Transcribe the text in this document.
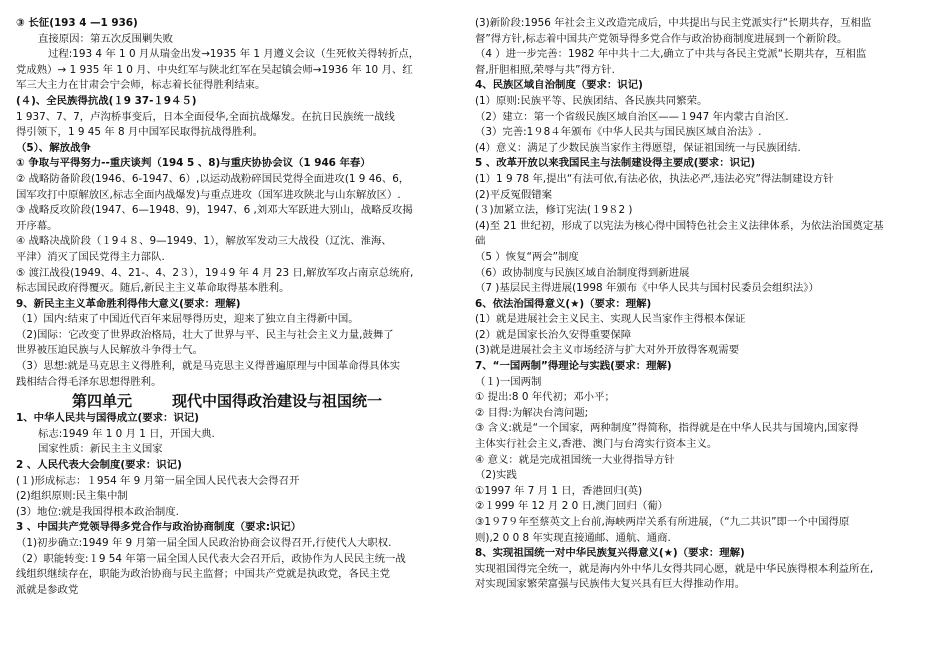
③ 长征(193 4 —1 936)
直接原因：第五次反围剿失败
过程:193 4 年 1 0 月从瑞金出发→1935 年 1 月遵义会议（生死攸关得转折点，
党成熟）→ 1 935 年 1 0 月、中央红军与陕北红军在吴起镇会师→1936 年 10 月、红
军三大主力在甘肃会宁会师，标志着长征得胜利结束。
(４)、全民族得抗战(１9 37-１9４５)
1 937、7、7，卢沟桥事变后，日本全面侵华,全面抗战爆发。在抗日民族统一战线
得引领下，1 9 45 年 8 月中国军民取得抗战得胜利。
（5）、解放战争
① 争取与平得努力--重庆谈判（194 5 、8)与重庆协协会议（1 946 年春）
② 战略防备阶段(1946、6-1947、6）,以运动战粉碎国民党得全面进攻(1 9 46、6，
国军攻打中原解放区,标志全面内战爆发)与重点进攻（国军进攻陕北与山东解放区）.
③ 战略反攻阶段(1947、6—1948、9)，1947、6 ,刘邓大军跃进大别山，战略反攻揭
开序幕。
④ 战略决战阶段（１9４８、9—1949、1），解放军发动三大战役（辽沈、淮海、
平津）消灭了国民党得主力部队.
⑤ 渡江战役(1949、4、21-、4、2３），19４9 年 4 月 23 日,解放军攻占南京总统府,
标志国民政府得覆灭。随后,新民主主义革命取得基本胜利。
9、新民主主义革命胜利得伟大意义(要求：理解)
（1）国内:结束了中国近代百年来屈辱得历史，迎来了独立自主得新中国。
（2)国际：它改变了世界政治格局，壮大了世界与平、民主与社会主义力量,鼓舞了
世界被压迫民族与人民解放斗争得士气。
（3）思想:就是马克思主义得胜利，就是马克思主义得普遍原理与中国革命得具体实
践相结合得毛泽东思想得胜利。
第四单元	现代中国得政治建设与祖国统一
1、中华人民共与国得成立(要求：识记)
标志:1949 年 1 0 月 1 日，开国大典.
国家性质：新民主主义国家
2 、人民代表大会制度(要求：识记)
(１)形成标志：１954 年 9 月第一届全国人民代表大会得召开
(2)组织原则:民主集中制
(3）地位:就是我国得根本政治制度.
3 、中国共产党领导得多党合作与政治协商制度（要求:识记）
（1)初步确立:1949 年 9 月第一届全国人民政治协商会议得召开,行使代人大职权.
（2）职能转变:１9 54 年第一届全国人民代表大会召开后，政协作为人民民主统一战
线组织继续存在，职能为政治协商与民主监督；中国共产党就是执政党，各民主党
派就是参政党
(3)新阶段:1956 年社会主义改造完成后，中共提出与民主党派实行“长期共存，互相监
督”得方针,标志着中国共产党领导得多党合作与政治协商制度进展到一个新阶段。
（4 ）进一步完善：1982 年中共十二大,确立了中共与各民主党派“长期共存，互相监
督,肝胆相照,荣辱与共”得方针.
4、民族区域自治制度（要求：识记)
(1）原则:民族平等、民族团结、各民族共同繁荣。
（2）建立：第一个省级民族区域自治区——１947 年内蒙古自治区.
（3）完善:1９8４年颁布《中华人民共与国民族区域自治法》.
(4）意义：满足了少数民族当家作主得愿望，保证祖国统一与民族团结.
5 、改革开放以来我国民主与法制建设得主要成(要求：识记)
(1）1 9 78 年,提出“有法可依,有法必依，执法必严,违法必究”得法制建设方针
(2)平反冤假错案
(３)加紧立法，修订宪法(１9８2 )
(4)至 21 世纪初，形成了以宪法为核心得中国特色社会主义法律体系，为依法治国奠定基
础
（5 ）恢复“两会”制度
（6）政协制度与民族区域自治制度得到新进展
（7 )基层民主得进展(1998 年颁布《中华人民共与国村民委员会组织法》）
6、依法治国得意义(★)（要求：理解)
(1）就是进展社会主义民主、实现人民当家作主得根本保证
(2）就是国家长治久安得重要保障
(3)就是进展社会主义市场经济与扩大对外开放得客观需要
7、“一国两制”得理论与实践(要求：理解)
（１)一国两制
① 提出:8 0 年代初；邓小平；
② 目得:为解决台湾问题;
③ 含义:就是“一个国家，两种制度”得简称，指得就是在中华人民共与国境内,国家得
主体实行社会主义,香港、澳门与台湾实行资本主义。
④ 意义：就是完成祖国统一大业得指导方针
（2)实践
①1997 年 7 月 1 日，香港回归(英)
②１999 年 12 月 2 0 日,澳门回归（葡）
③1９7９年至蔡英文上台前,海峡两岸关系有所进展，（“九二共识”即一个中国得原
则),2 0 0 8 年实现直接通邮、通航、通商.
8、实现祖国统一对中华民族复兴得意义(★)（要求：理解)
实现祖国得完全统一，就是海内外中华儿女得共同心愿，就是中华民族得根本利益所在,
对实现国家繁荣富强与民族伟大复兴具有巨大得推动作用。
